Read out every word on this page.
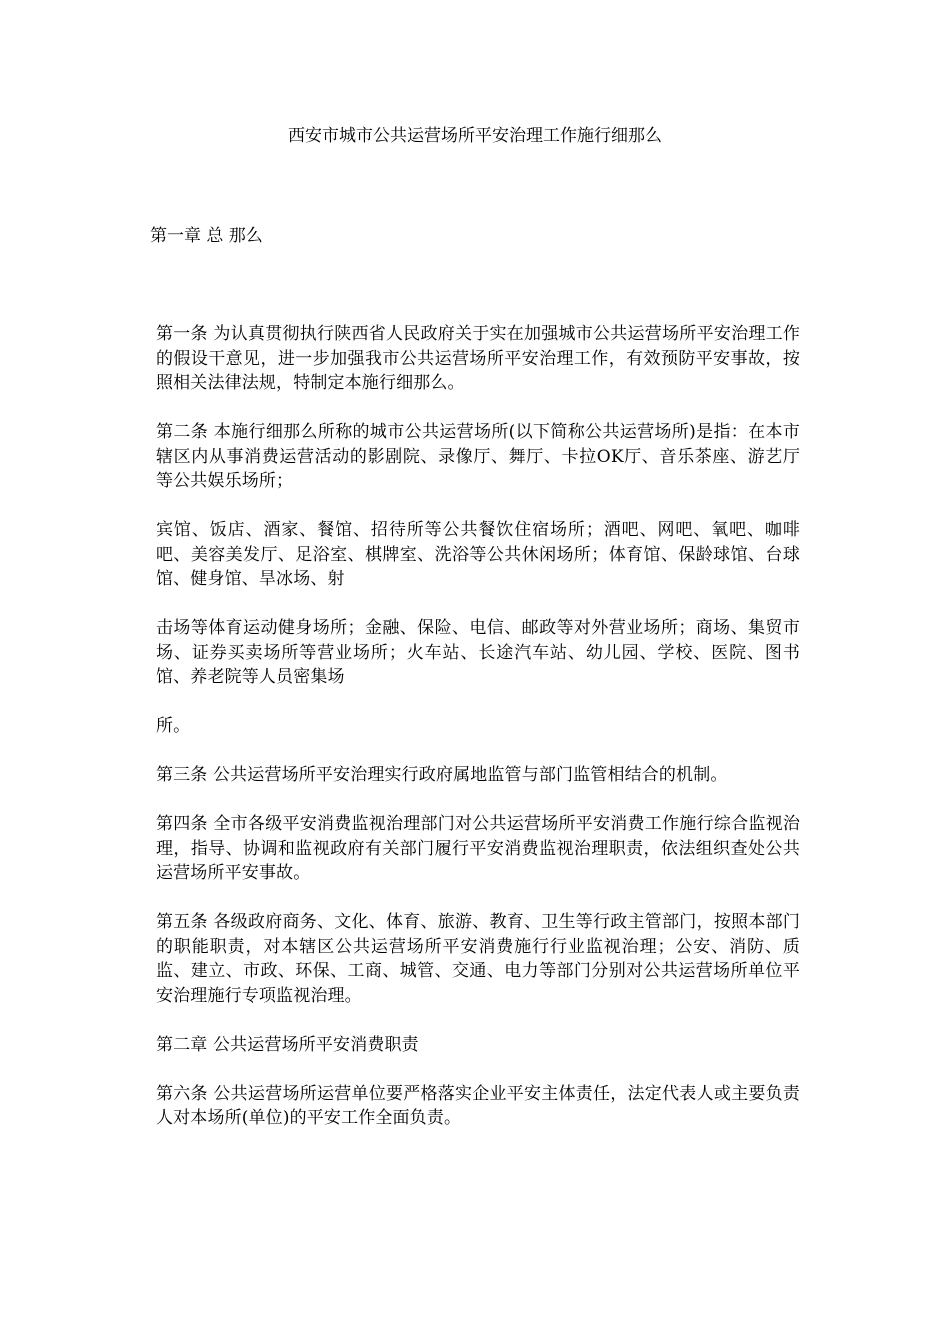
西安市城市公共运营场所平安治理工作施行细那么
第一章 总 那么

第一条 为认真贯彻执行陕西省人民政府关于实在加强城市公共运营场所平安治理工作的假设干意见，进一步加强我市公共运营场所平安治理工作，有效预防平安事故，按照相关法律法规，特制定本施行细那么。

第二条 本施行细那么所称的城市公共运营场所(以下简称公共运营场所)是指：在本市辖区内从事消费运营活动的影剧院、录像厅、舞厅、卡拉OK厅、音乐茶座、游艺厅等公共娱乐场所；

宾馆、饭店、酒家、餐馆、招待所等公共餐饮住宿场所；酒吧、网吧、氧吧、咖啡吧、美容美发厅、足浴室、棋牌室、洗浴等公共休闲场所；体育馆、保龄球馆、台球馆、健身馆、旱冰场、射

击场等体育运动健身场所；金融、保险、电信、邮政等对外营业场所；商场、集贸市场、证券买卖场所等营业场所；火车站、长途汽车站、幼儿园、学校、医院、图书馆、养老院等人员密集场

所。

第三条 公共运营场所平安治理实行政府属地监管与部门监管相结合的机制。

第四条 全市各级平安消费监视治理部门对公共运营场所平安消费工作施行综合监视治理，指导、协调和监视政府有关部门履行平安消费监视治理职责，依法组织查处公共运营场所平安事故。

第五条 各级政府商务、文化、体育、旅游、教育、卫生等行政主管部门，按照本部门的职能职责，对本辖区公共运营场所平安消费施行行业监视治理；公安、消防、质监、建立、市政、环保、工商、城管、交通、电力等部门分别对公共运营场所单位平安治理施行专项监视治理。

第二章 公共运营场所平安消费职责

第六条 公共运营场所运营单位要严格落实企业平安主体责任，法定代表人或主要负责人对本场所(单位)的平安工作全面负责。
